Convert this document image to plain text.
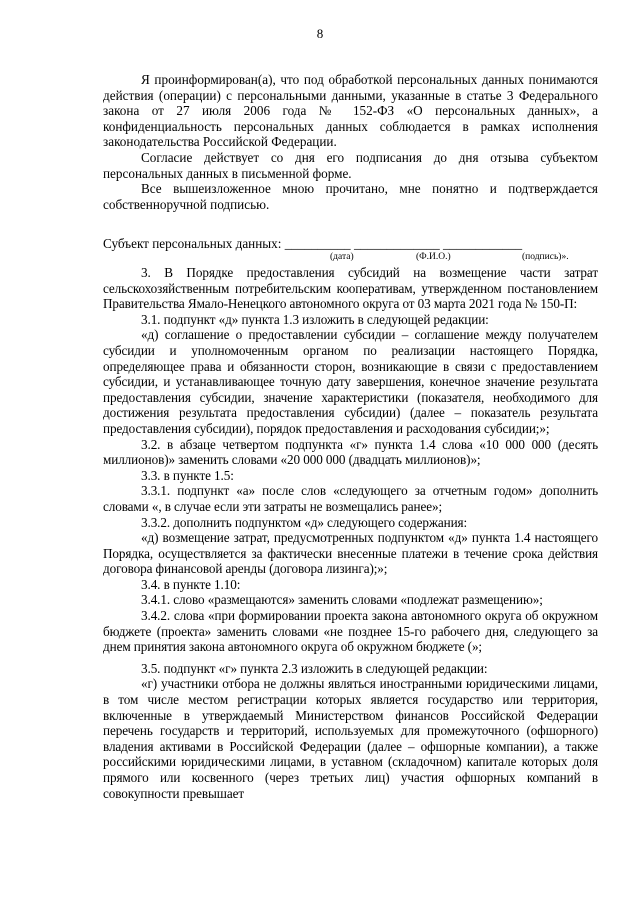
8

Я проинформирован(а), что под обработкой персональных данных понимаются действия (операции) с персональными данными, указанные в статье 3 Федерального закона от 27 июля 2006 года № 152-ФЗ «О персональных данных», а конфиденциальность персональных данных соблюдается в рамках исполнения законодательства Российской Федерации.

Согласие действует со дня его подписания до дня отзыва субъектом персональных данных в письменной форме.

Все вышеизложенное мною прочитано, мне понятно и подтверждается собственноручной подписью.

Субъект персональных данных: __________ _____________ ____________
(дата)	(Ф.И.О.)	(подпись)».

3. В Порядке предоставления субсидий на возмещение части затрат сельскохозяйственным потребительским кооперативам, утвержденном постановлением Правительства Ямало-Ненецкого автономного округа от 03 марта 2021 года № 150-П:

3.1. подпункт «д» пункта 1.3 изложить в следующей редакции:

«д) соглашение о предоставлении субсидии – соглашение между получателем субсидии и уполномоченным органом по реализации настоящего Порядка, определяющее права и обязанности сторон, возникающие в связи с предоставлением субсидии, и устанавливающее точную дату завершения, конечное значение результата предоставления субсидии, значение характеристики (показателя, необходимого для достижения результата предоставления субсидии) (далее – показатель результата предоставления субсидии), порядок предоставления и расходования субсидии;»;

3.2. в абзаце четвертом подпункта «г» пункта 1.4 слова «10 000 000 (десять миллионов)» заменить словами «20 000 000 (двадцать миллионов)»;

3.3. в пункте 1.5:

3.3.1. подпункт «а» после слов «следующего за отчетным годом» дополнить словами «, в случае если эти затраты не возмещались ранее»;

3.3.2. дополнить подпунктом «д» следующего содержания:

«д) возмещение затрат, предусмотренных подпунктом «д» пункта 1.4 настоящего Порядка, осуществляется за фактически внесенные платежи в течение срока действия договора финансовой аренды (договора лизинга);»;

3.4. в пункте 1.10:

3.4.1. слово «размещаются» заменить словами «подлежат размещению»;

3.4.2. слова «при формировании проекта закона автономного округа об окружном бюджете (проекта» заменить словами «не позднее 15-го рабочего дня, следующего за днем принятия закона автономного округа об окружном бюджете (»;

3.5. подпункт «г» пункта 2.3 изложить в следующей редакции:

«г) участники отбора не должны являться иностранными юридическими лицами, в том числе местом регистрации которых является государство или территория, включенные в утверждаемый Министерством финансов Российской Федерации перечень государств и территорий, используемых для промежуточного (офшорного) владения активами в Российской Федерации (далее – офшорные компании), а также российскими юридическими лицами, в уставном (складочном) капитале которых доля прямого или косвенного (через третьих лиц) участия офшорных компаний в совокупности превышает
